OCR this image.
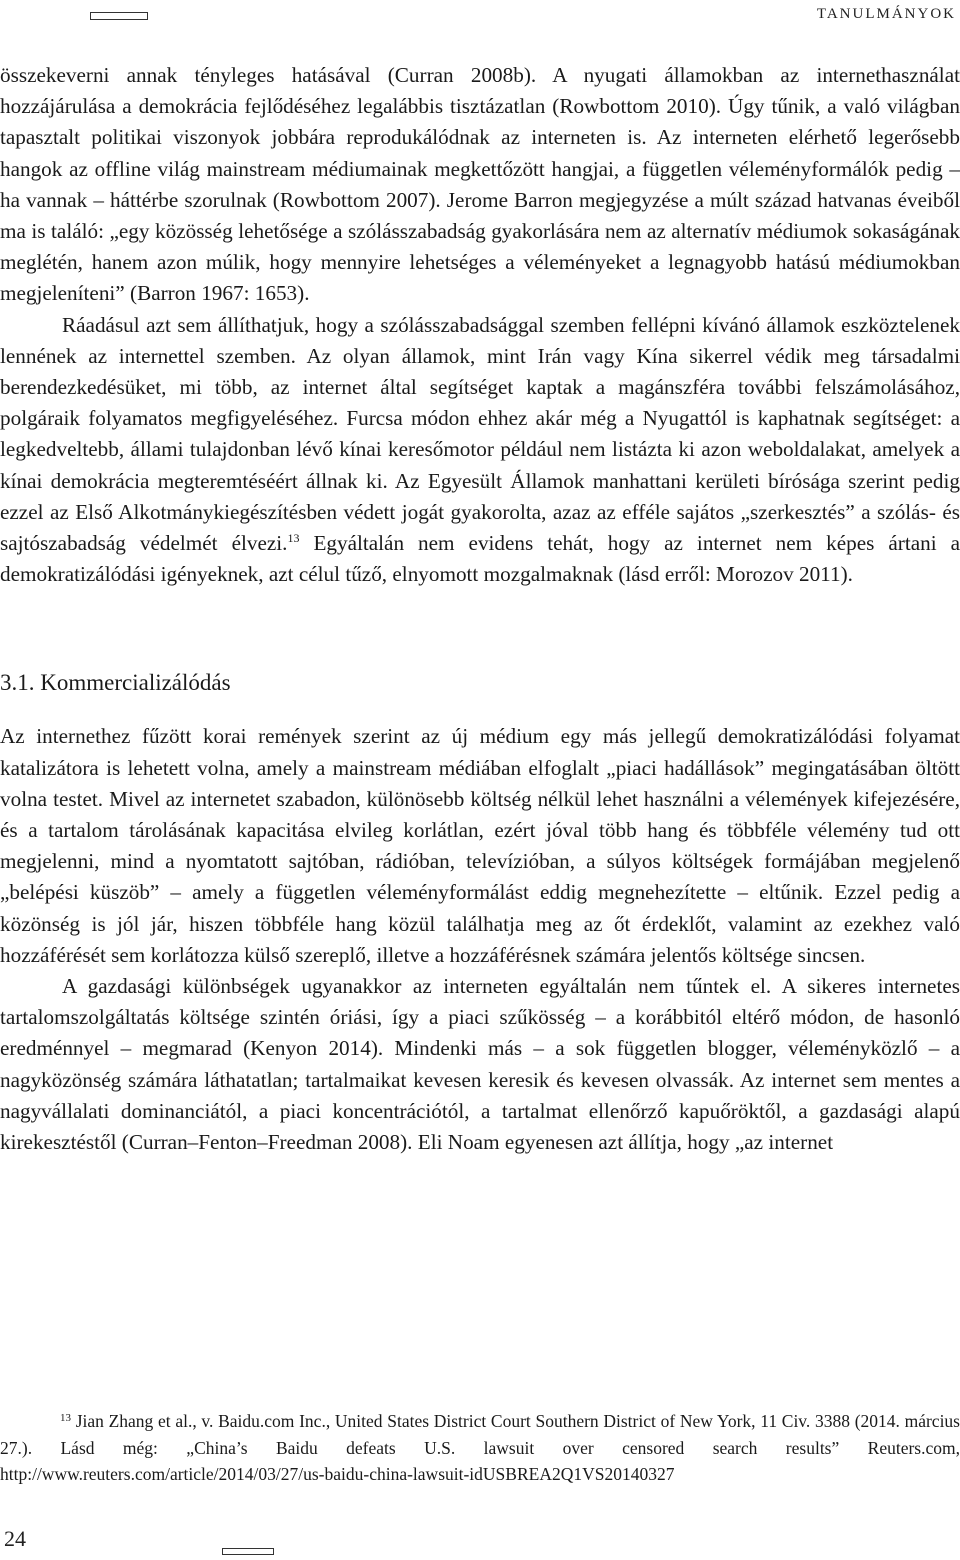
TANULMÁNYOK

összekeverni annak tényleges hatásával (Curran 2008b). A nyugati államokban az internethasználat hozzájárulása a demokrácia fejlődéséhez legalábbis tisztázatlan (Rowbottom 2010). Úgy tűnik, a való világban tapasztalt politikai viszonyok jobbára reprodukálódnak az interneten is. Az interneten elérhető legerősebb hangok az offline világ mainstream médiumainak megkettőzött hangjai, a független véleményformálók pedig – ha vannak – háttérbe szorulnak (Rowbottom 2007). Jerome Barron megjegyzése a múlt század hatvanas éveiből ma is találó: „egy közösség lehetősége a szólásszabadság gyakorlására nem az alternatív médiumok sokaságának meglétén, hanem azon múlik, hogy mennyire lehetséges a véleményeket a legnagyobb hatású médiumokban megjeleníteni” (Barron 1967: 1653).

Ráadásul azt sem állíthatjuk, hogy a szólásszabadsággal szemben fellépni kívánó államok eszköztelenek lennének az internettel szemben. Az olyan államok, mint Irán vagy Kína sikerrel védik meg társadalmi berendezkedésüket, mi több, az internet által segítséget kaptak a magánszféra további felszámolásához, polgáraik folyamatos megfigyeléséhez. Furcsa módon ehhez akár még a Nyugattól is kaphatnak segítséget: a legkedveltebb, állami tulajdonban lévő kínai keresőmotor például nem listázta ki azon weboldalakat, amelyek a kínai demokrácia megteremtéséért állnak ki. Az Egyesült Államok manhattani kerületi bírósága szerint pedig ezzel az Első Alkotmánykiegészítésben védett jogát gyakorolta, azaz az efféle sajátos „szerkesztés” a szólás- és sajtószabadság védelmét élvezi.$^{13}$ Egyáltalán nem evidens tehát, hogy az internet nem képes ártani a demokratizálódási igényeknek, azt célul tűző, elnyomott mozgalmaknak (lásd erről: Morozov 2011).

3.1. Kommercializálódás

Az internethez fűzött korai remények szerint az új médium egy más jellegű demokratizálódási folyamat katalizátora is lehetett volna, amely a mainstream médiában elfoglalt „piaci hadállások” megingatásában öltött volna testet. Mivel az internetet szabadon, különösebb költség nélkül lehet használni a vélemények kifejezésére, és a tartalom tárolásának kapacitása elvileg korlátlan, ezért jóval több hang és többféle vélemény tud ott megjelenni, mind a nyomtatott sajtóban, rádióban, televízióban, a súlyos költségek formájában megjelenő „belépési küszöb” – amely a független véleményformálást eddig megnehezítette – eltűnik. Ezzel pedig a közönség is jól jár, hiszen többféle hang közül találhatja meg az őt érdeklőt, valamint az ezekhez való hozzáférését sem korlátozza külső szereplő, illetve a hozzáférésnek számára jelentős költsége sincsen.

A gazdasági különbségek ugyanakkor az interneten egyáltalán nem tűntek el. A sikeres internetes tartalomszolgáltatás költsége szintén óriási, így a piaci szűkösség – a korábbitól eltérő módon, de hasonló eredménnyel – megmarad (Kenyon 2014). Mindenki más – a sok független blogger, véleményközlő – a nagyközönség számára láthatatlan; tartalmaikat kevesen keresik és kevesen olvassák. Az internet sem mentes a nagyvállalati dominanciától, a piaci koncentrációtól, a tartalmat ellenőrző kapuőröktől, a gazdasági alapú kirekesztéstől (Curran–Fenton–Freedman 2008). Eli Noam egyenesen azt állítja, hogy „az internet

$^{13}$ Jian Zhang et al., v. Baidu.com Inc., United States District Court Southern District of New York, 11 Civ. 3388 (2014. március 27.). Lásd még: „China’s Baidu defeats U.S. lawsuit over censored search results” Reuters.com, http://www.reuters.com/article/2014/03/27/us-baidu-china-lawsuit-idUSBREA2Q1VS20140327

24
